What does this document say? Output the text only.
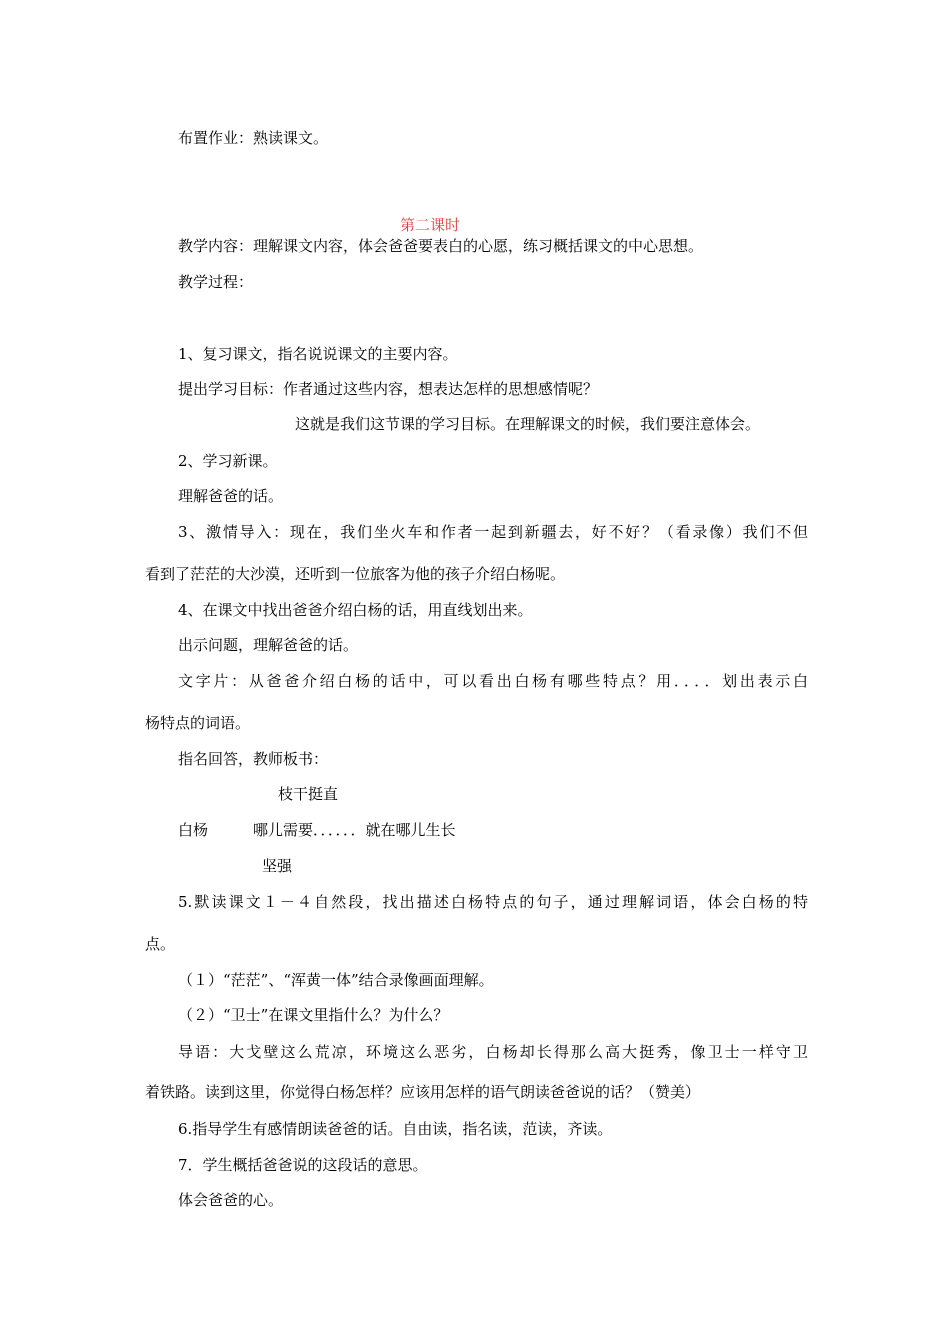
布置作业：熟读课文。

第二课时

教学内容：理解课文内容，体会爸爸要表白的心愿，练习概括课文的中心思想。

教学过程：

1、复习课文，指名说说课文的主要内容。

提出学习目标：作者通过这些内容，想表达怎样的思想感情呢？

这就是我们这节课的学习目标。在理解课文的时候，我们要注意体会。

2、学习新课。

理解爸爸的话。

3、激情导入：现在，我们坐火车和作者一起到新疆去，好不好？（看录像）我们不但

看到了茫茫的大沙漠，还听到一位旅客为他的孩子介绍白杨呢。

4、在课文中找出爸爸介绍白杨的话，用直线划出来。

出示问题，理解爸爸的话。

文字片：从爸爸介绍白杨的话中，可以看出白杨有哪些特点？用．．．．划出表示白

杨特点的词语。

指名回答，教师板书：

枝干挺直

白杨	哪儿需要．．．．．．就在哪儿生长

坚强

5.默读课文１－４自然段，找出描述白杨特点的句子，通过理解词语，体会白杨的特

点。

（１）“茫茫”、“浑黄一体”结合录像画面理解。

（２）“卫士”在课文里指什么？为什么？

导语：大戈壁这么荒凉，环境这么恶劣，白杨却长得那么高大挺秀，像卫士一样守卫

着铁路。读到这里，你觉得白杨怎样？应该用怎样的语气朗读爸爸说的话？（赞美）

6.指导学生有感情朗读爸爸的话。自由读，指名读，范读，齐读。

7．学生概括爸爸说的这段话的意思。

体会爸爸的心。
